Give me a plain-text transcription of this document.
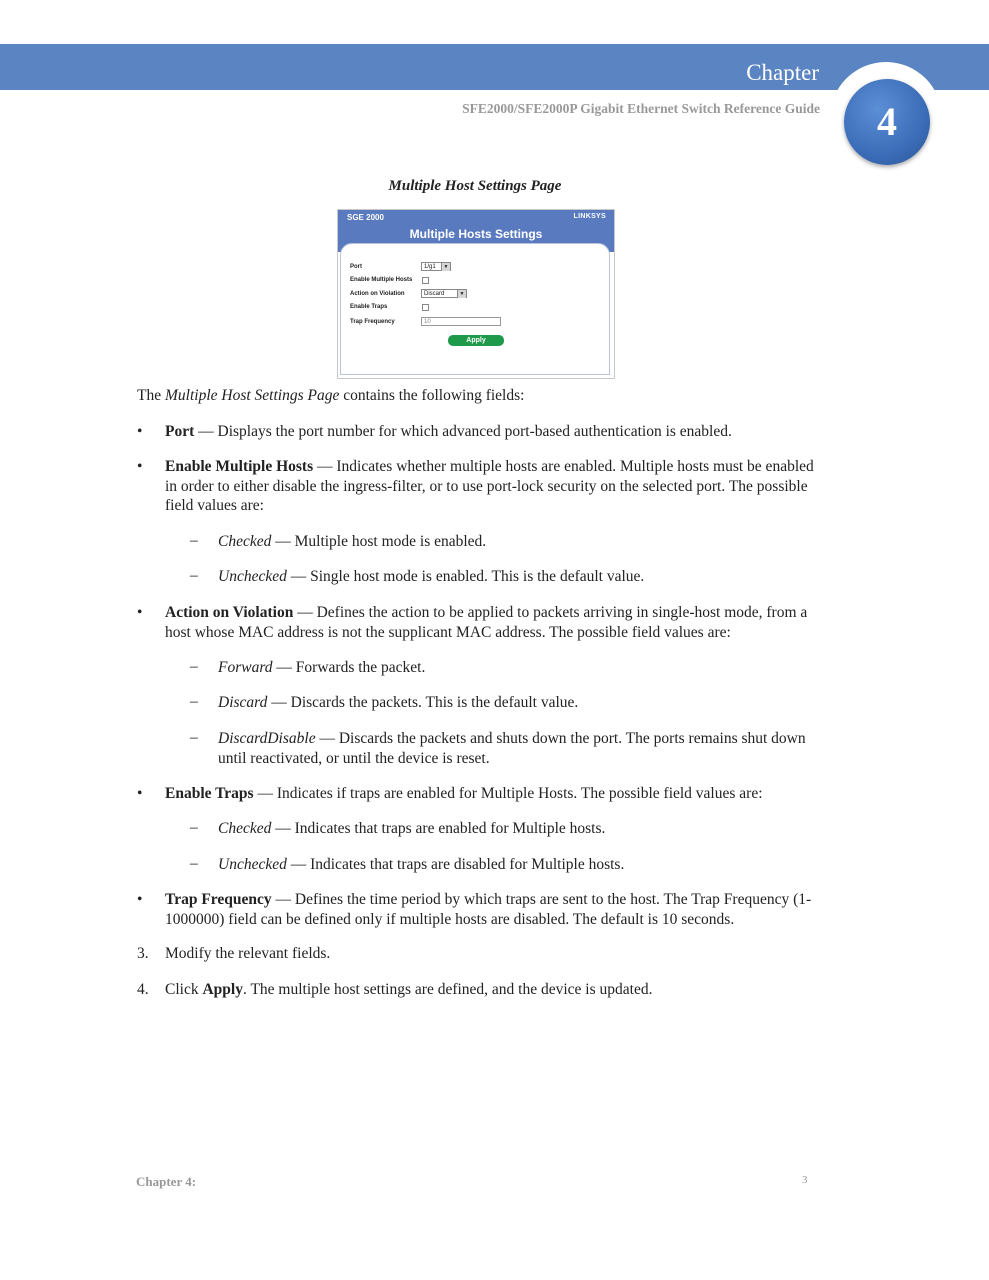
Chapter
SFE2000/SFE2000P Gigabit Ethernet Switch Reference Guide	4
Multiple Host Settings Page
SGE 2000	LINKSYS
Multiple Hosts Settings
Port	1/g1	▼
Enable Multiple Hosts
Action on Violation	Discard	▼
Enable Traps
Trap Frequency	10
Apply
The Multiple Host Settings Page contains the following fields:
• Port — Displays the port number for which advanced port-based authentication is enabled.
• Enable Multiple Hosts — Indicates whether multiple hosts are enabled. Multiple hosts must be enabled in order to either disable the ingress-filter, or to use port-lock security on the selected port. The possible field values are:
– Checked — Multiple host mode is enabled.
– Unchecked — Single host mode is enabled. This is the default value.
• Action on Violation — Defines the action to be applied to packets arriving in single-host mode, from a host whose MAC address is not the supplicant MAC address. The possible field values are:
– Forward — Forwards the packet.
– Discard — Discards the packets. This is the default value.
– DiscardDisable — Discards the packets and shuts down the port. The ports remains shut down until reactivated, or until the device is reset.
• Enable Traps — Indicates if traps are enabled for Multiple Hosts. The possible field values are:
– Checked — Indicates that traps are enabled for Multiple hosts.
– Unchecked — Indicates that traps are disabled for Multiple hosts.
• Trap Frequency — Defines the time period by which traps are sent to the host. The Trap Frequency (1-1000000) field can be defined only if multiple hosts are disabled. The default is 10 seconds.
3. Modify the relevant fields.
4. Click Apply. The multiple host settings are defined, and the device is updated.
Chapter 4:	3
